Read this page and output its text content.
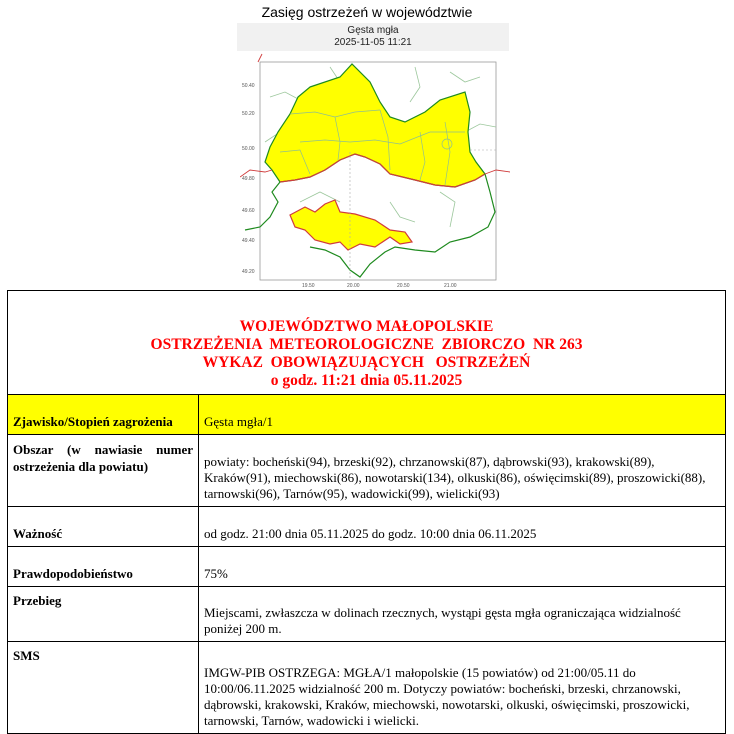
Zasięg ostrzeżeń w województwie
Gęsta mgła
2025-11-05 11:21
50.40
50.20
50.00
49.80
49.60
49.40
49.20
19.50	20.00	20.50	21.00
WOJEWÓDZTWO MAŁOPOLSKIE
OSTRZEŻENIA  METEOROLOGICZNE  ZBIORCZO  NR 263
WYKAZ  OBOWIĄZUJĄCYCH   OSTRZEŻEŃ
o godz. 11:21 dnia 05.11.2025	

Zjawisko/Stopień zagrożenia	Gęsta mgła/1
Obszar (w nawiasie numer ostrzeżenia dla powiatu)	powiaty: bocheński(94), brzeski(92), chrzanowski(87), dąbrowski(93), krakowski(89), Kraków(91), miechowski(86), nowotarski(134), olkuski(86), oświęcimski(89), proszowicki(88), tarnowski(96), Tarnów(95), wadowicki(99), wielicki(93)
Ważność	od godz. 21:00 dnia 05.11.2025 do godz. 10:00 dnia 06.11.2025
Prawdopodobieństwo	75%
Przebieg	Miejscami, zwłaszcza w dolinach rzecznych, wystąpi gęsta mgła ograniczająca widzialność poniżej 200 m.
SMS	IMGW-PIB OSTRZEGA: MGŁA/1 małopolskie (15 powiatów) od 21:00/05.11 do 10:00/06.11.2025 widzialność 200 m. Dotyczy powiatów: bocheński, brzeski, chrzanowski, dąbrowski, krakowski, Kraków, miechowski, nowotarski, olkuski, oświęcimski, proszowicki, tarnowski, Tarnów, wadowicki i wielicki.
